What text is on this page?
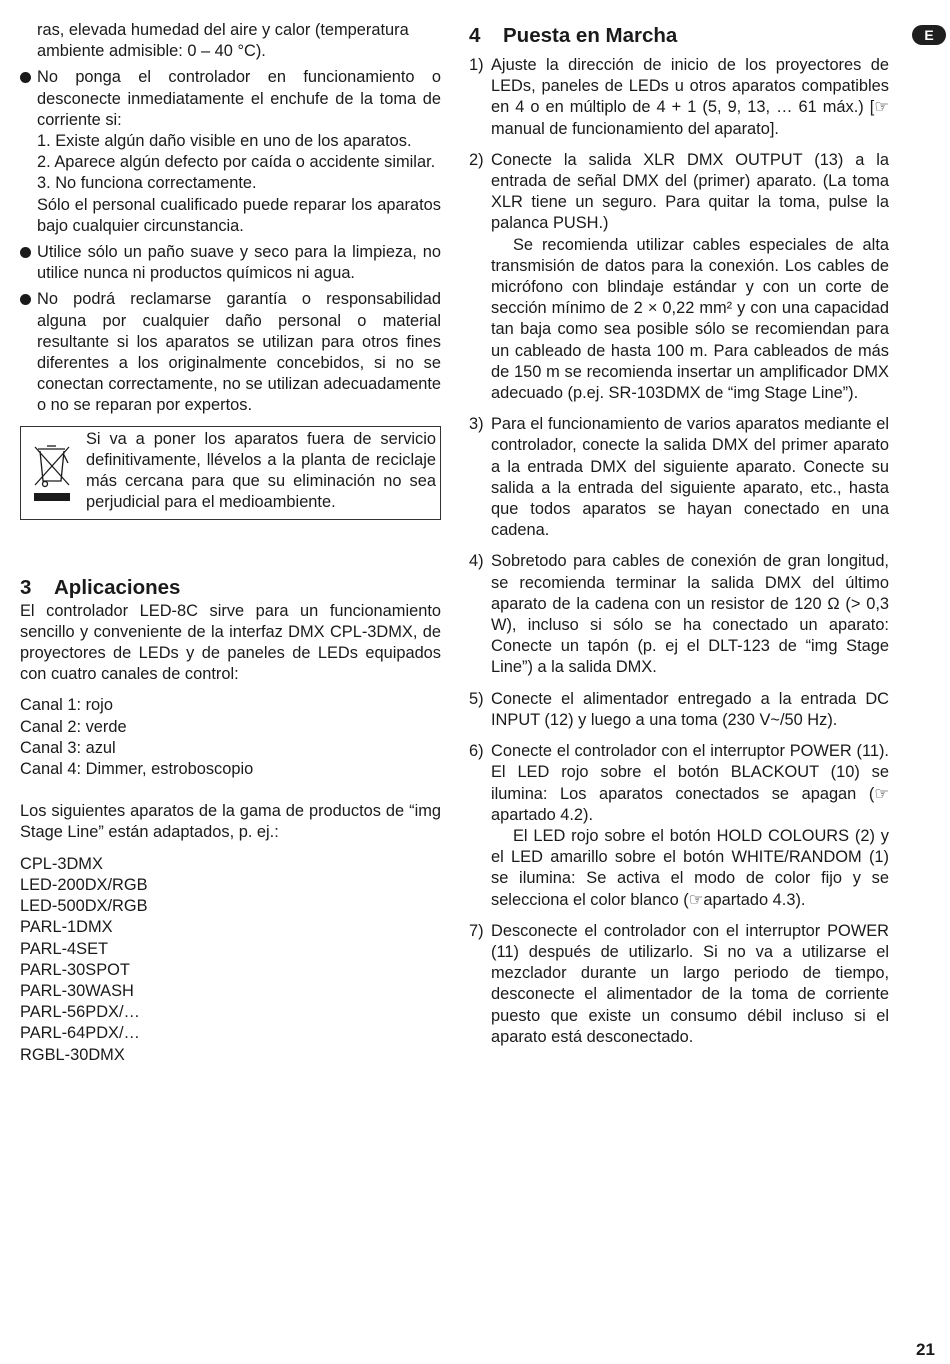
E

ras, elevada humedad del aire y calor (temperatura

ambiente admisible: 0 – 40 °C).

No ponga el controlador en funcionamiento o desconecte inmediatamente el enchufe de la toma de corriente si:

1. Existe algún daño visible en uno de los aparatos.

2. Aparece algún defecto por caída o accidente similar.

3. No funciona correctamente.

Sólo el personal cualificado puede reparar los aparatos bajo cualquier circunstancia.

Utilice sólo un paño suave y seco para la limpieza, no utilice nunca ni productos químicos ni agua.

No podrá reclamarse garantía o responsabilidad alguna por cualquier daño personal o material resultante si los aparatos se utilizan para otros fines diferentes a los originalmente concebidos, si no se conectan correctamente, no se utilizan adecuadamente o no se reparan por expertos.

Si va a poner los aparatos fuera de servicio definitivamente, llévelos a la planta de reciclaje más cercana para que su eliminación no sea perjudicial para el medioambiente.

3 Aplicaciones

El controlador LED-8C sirve para un funcionamiento sencillo y conveniente de la interfaz DMX CPL-3DMX, de proyectores de LEDs y de paneles de LEDs equipados con cuatro canales de control:

Canal 1: rojo

Canal 2: verde

Canal 3: azul

Canal 4: Dimmer, estroboscopio

Los siguientes aparatos de la gama de productos de “img Stage Line” están adaptados, p. ej.:

CPL-3DMX

LED-200DX/RGB

LED-500DX/RGB

PARL-1DMX

PARL-4SET

PARL-30SPOT

PARL-30WASH

PARL-56PDX/…

PARL-64PDX/…

RGBL-30DMX

4 Puesta en Marcha
1) Ajuste la dirección de inicio de los proyectores de LEDs, paneles de LEDs u otros aparatos compatibles en 4 o en múltiplo de 4 + 1 (5, 9, 13, … 61 máx.) [☞ manual de funcionamiento del aparato].

2) Conecte la salida XLR DMX OUTPUT (13) a la entrada de señal DMX del (primer) aparato. (La toma XLR tiene un seguro. Para quitar la toma, pulse la palanca PUSH.)

Se recomienda utilizar cables especiales de alta transmisión de datos para la conexión. Los cables de micrófono con blindaje estándar y con un corte de sección mínimo de 2 × 0,22 mm² y con una capacidad tan baja como sea posible sólo se recomiendan para un cableado de hasta 100 m. Para cableados de más de 150 m se recomienda insertar un amplificador DMX adecuado (p.ej. SR-103DMX de “img Stage Line”).

3) Para el funcionamiento de varios aparatos mediante el controlador, conecte la salida DMX del primer aparato a la entrada DMX del siguiente aparato. Conecte su salida a la entrada del siguiente aparato, etc., hasta que todos aparatos se hayan conectado en una cadena.

4) Sobretodo para cables de conexión de gran longitud, se recomienda terminar la salida DMX del último aparato de la cadena con un resistor de 120 Ω (> 0,3 W), incluso si sólo se ha conectado un aparato: Conecte un tapón (p. ej el DLT-123 de “img Stage Line”) a la salida DMX.

5) Conecte el alimentador entregado a la entrada DC INPUT (12) y luego a una toma (230 V~/50 Hz).

6) Conecte el controlador con el interruptor POWER (11). El LED rojo sobre el botón BLACKOUT (10) se ilumina: Los aparatos conectados se apagan (☞ apartado 4.2).

El LED rojo sobre el botón HOLD COLOURS (2) y el LED amarillo sobre el botón WHITE/RANDOM (1) se ilumina: Se activa el modo de color fijo y se selecciona el color blanco (☞apartado 4.3).

7) Desconecte el controlador con el interruptor POWER (11) después de utilizarlo. Si no va a utilizarse el mezclador durante un largo periodo de tiempo, desconecte el alimentador de la toma de corriente puesto que existe un consumo débil incluso si el aparato está desconectado.

21
